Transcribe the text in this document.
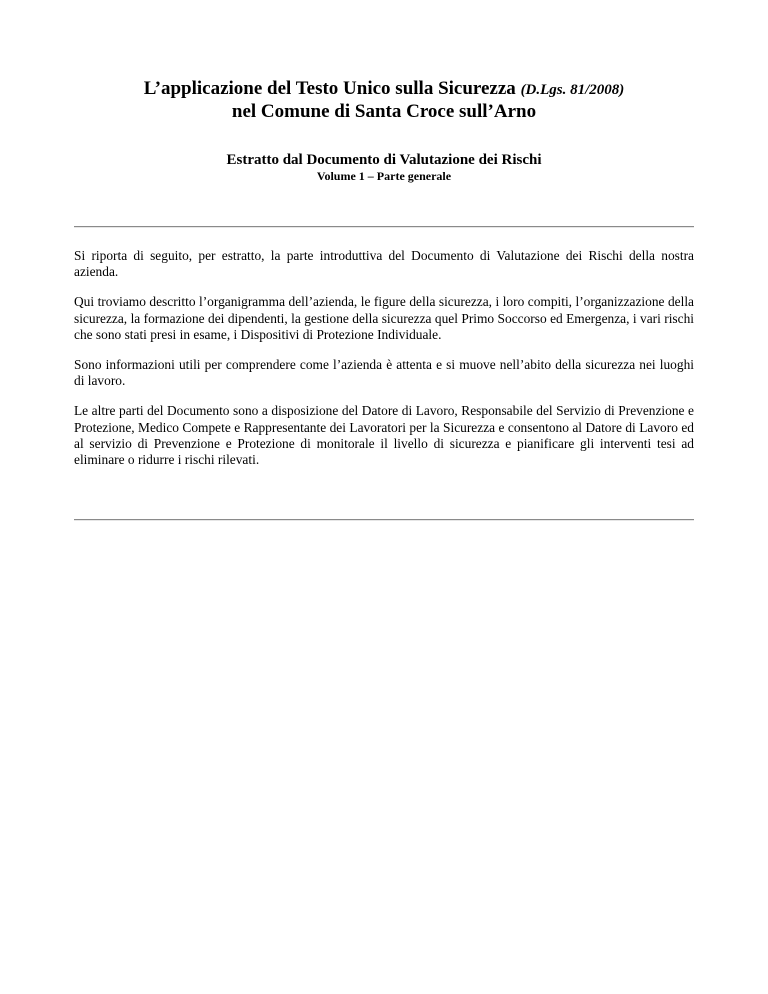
L’applicazione del Testo Unico sulla Sicurezza (D.Lgs. 81/2008)

nel Comune di Santa Croce sull’Arno

Estratto dal Documento di Valutazione dei Rischi

Volume 1 – Parte generale

Si riporta di seguito, per estratto, la parte introduttiva del Documento di Valutazione dei Rischi della nostra azienda.

Qui troviamo descritto l’organigramma dell’azienda, le figure della sicurezza, i loro compiti, l’organizzazione della sicurezza, la formazione dei dipendenti, la gestione della sicurezza quel Primo Soccorso ed Emergenza, i vari rischi che sono stati presi in esame, i Dispositivi di Protezione Individuale.

Sono informazioni utili per comprendere come l’azienda è attenta e si muove nell’abito della sicurezza nei luoghi di lavoro.

Le altre parti del Documento sono a disposizione del Datore di Lavoro, Responsabile del Servizio di Prevenzione e Protezione, Medico Compete e Rappresentante dei Lavoratori per la Sicurezza e consentono al Datore di Lavoro ed al servizio di Prevenzione e Protezione di monitorale il livello di sicurezza e pianificare gli interventi tesi ad eliminare o ridurre i rischi rilevati.
